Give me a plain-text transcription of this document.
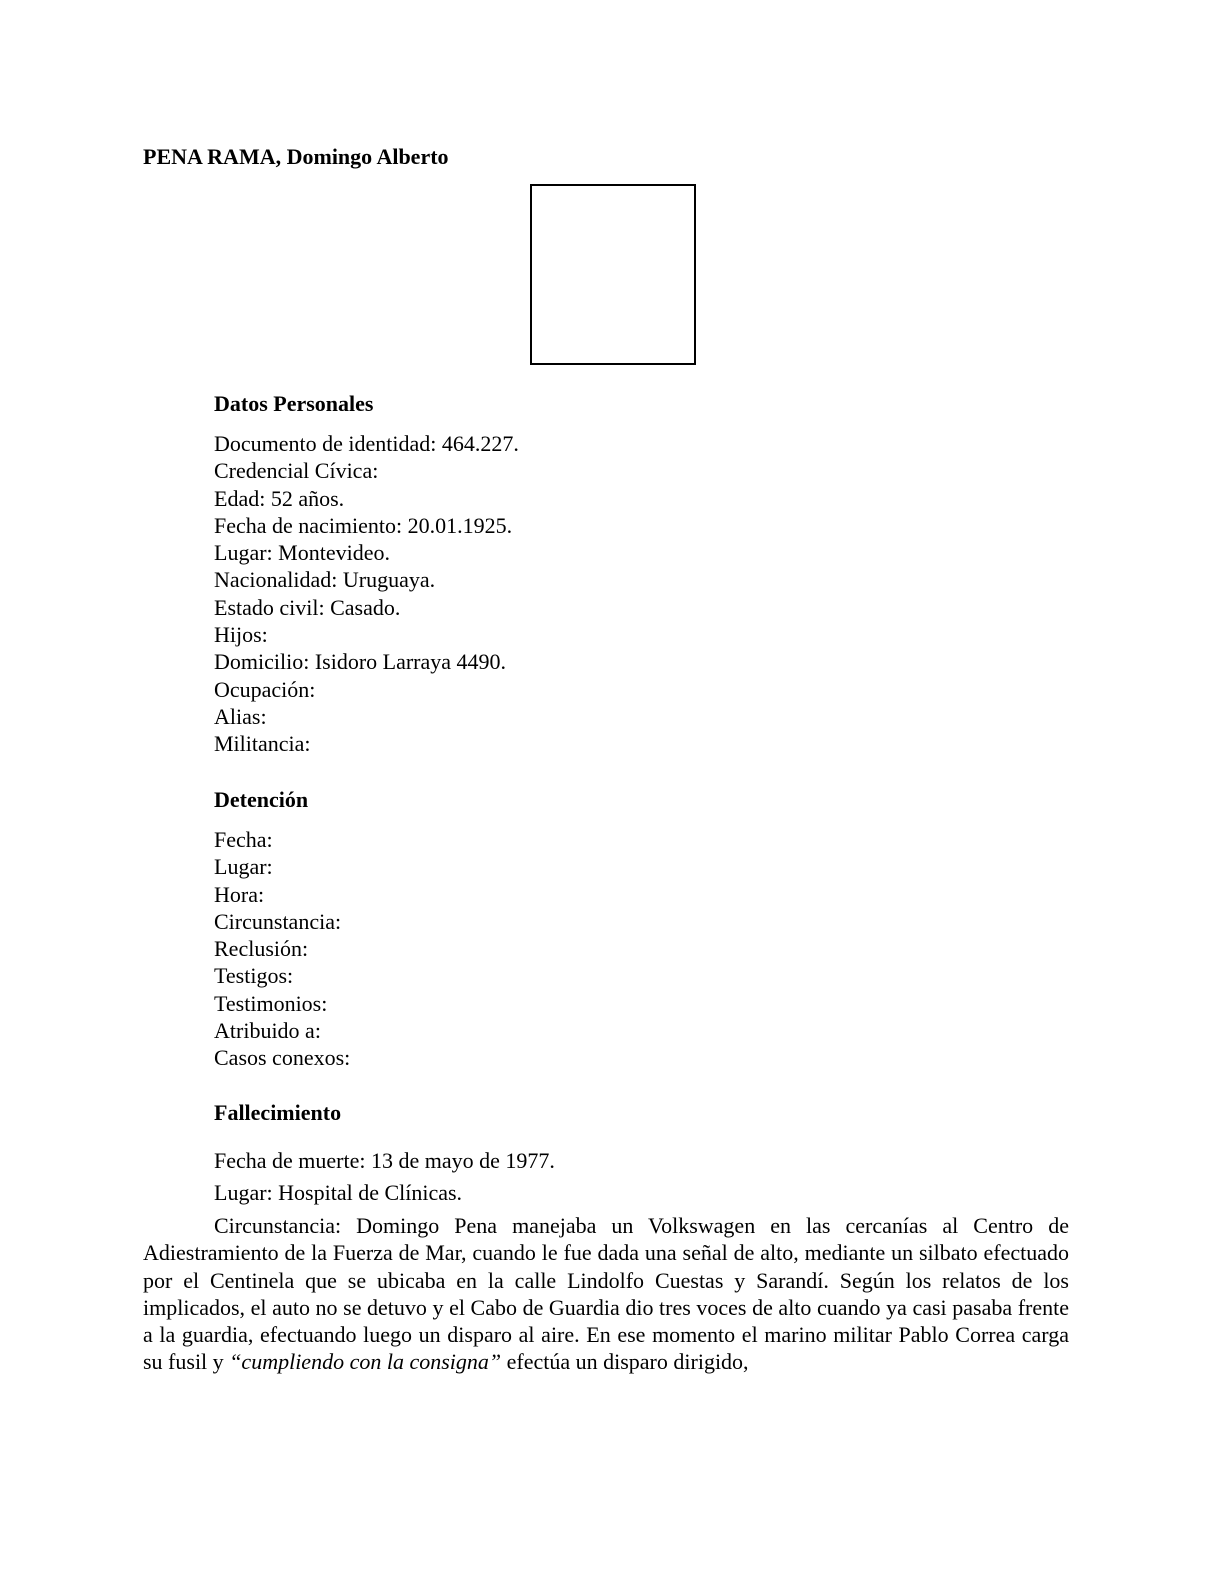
PENA RAMA, Domingo Alberto
Datos Personales
Documento de identidad: 464.227.
Credencial Cívica:
Edad: 52 años.
Fecha de nacimiento: 20.01.1925.
Lugar: Montevideo.
Nacionalidad: Uruguaya.
Estado civil: Casado.
Hijos:
Domicilio: Isidoro Larraya 4490.
Ocupación:
Alias:
Militancia:
Detención
Fecha:
Lugar:
Hora:
Circunstancia:
Reclusión:
Testigos:
Testimonios:
Atribuido a:
Casos conexos:
Fallecimiento

Fecha de muerte: 13 de mayo de 1977.

Lugar: Hospital de Clínicas.

Circunstancia: Domingo Pena manejaba un Volkswagen en las cercanías al Centro de Adiestramiento de la Fuerza de Mar, cuando le fue dada una señal de alto, mediante un silbato efectuado por el Centinela que se ubicaba en la calle Lindolfo Cuestas y Sarandí. Según los relatos de los implicados, el auto no se detuvo y el Cabo de Guardia dio tres voces de alto cuando ya casi pasaba frente a la guardia, efectuando luego un disparo al aire. En ese momento el marino militar Pablo Correa carga su fusil y “cumpliendo con la consigna” efectúa un disparo dirigido,
